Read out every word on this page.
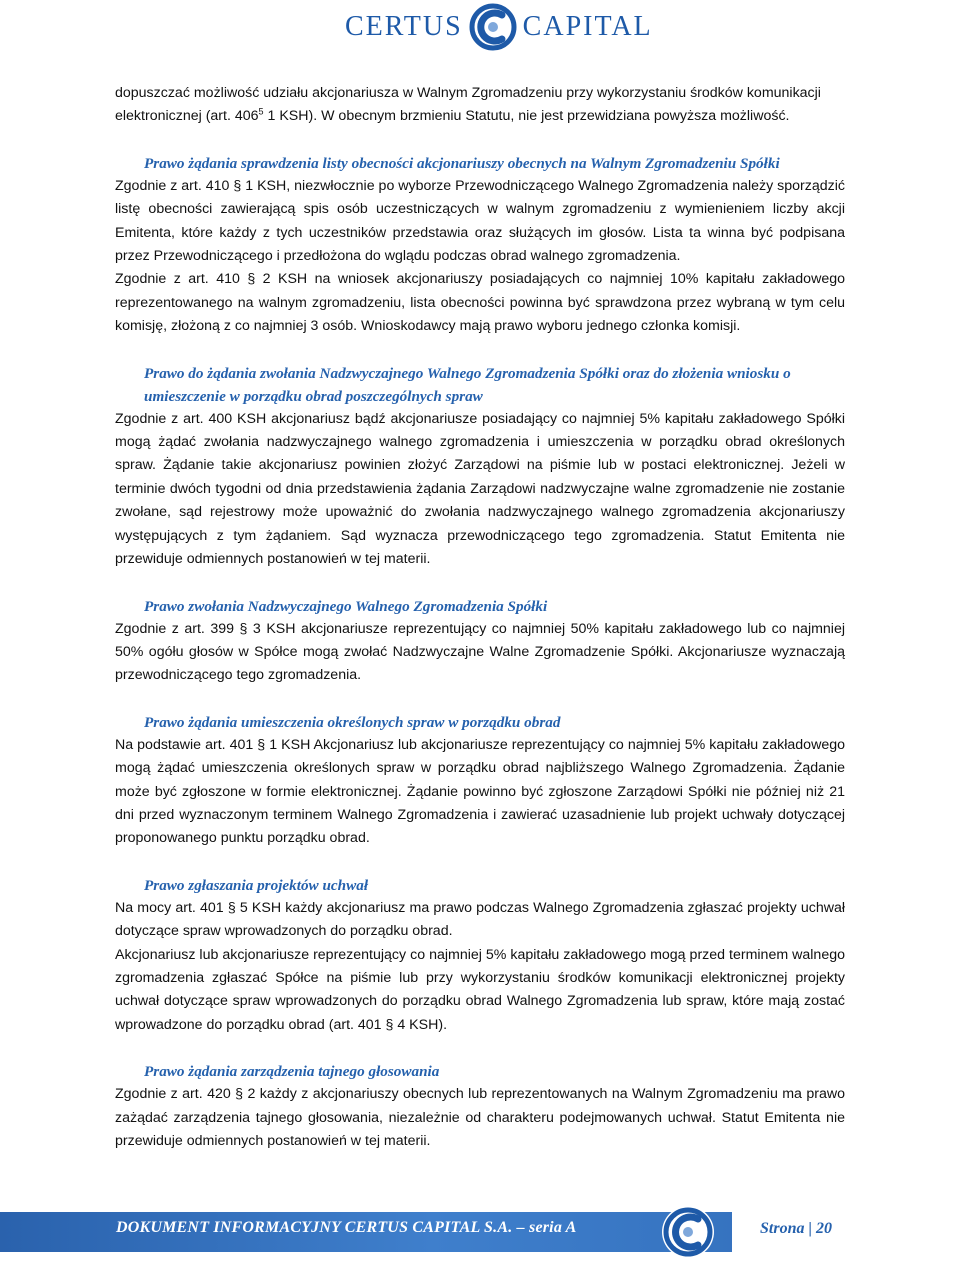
CERTUS CAPITAL

dopuszczać możliwość udziału akcjonariusza w Walnym Zgromadzeniu przy wykorzystaniu środków komunikacji
elektronicznej (art. $406^5$ 1 KSH). W obecnym brzmieniu Statutu, nie jest przewidziana powyższa możliwość.

Prawo żądania sprawdzenia listy obecności akcjonariuszy obecnych na Walnym Zgromadzeniu Spółki

Zgodnie z art. 410 § 1 KSH, niezwłocznie po wyborze Przewodniczącego Walnego Zgromadzenia należy sporządzić listę obecności zawierającą spis osób uczestniczących w walnym zgromadzeniu z wymienieniem liczby akcji Emitenta, które każdy z tych uczestników przedstawia oraz służących im głosów. Lista ta winna być podpisana przez Przewodniczącego i przedłożona do wglądu podczas obrad walnego zgromadzenia.

Zgodnie z art. 410 § 2 KSH na wniosek akcjonariuszy posiadających co najmniej 10% kapitału zakładowego reprezentowanego na walnym zgromadzeniu, lista obecności powinna być sprawdzona przez wybraną w tym celu komisję, złożoną z co najmniej 3 osób. Wnioskodawcy mają prawo wyboru jednego członka komisji.

Prawo do żądania zwołania Nadzwyczajnego Walnego Zgromadzenia Spółki oraz do złożenia wniosku o umieszczenie w porządku obrad poszczególnych spraw

Zgodnie z art. 400 KSH akcjonariusz bądź akcjonariusze posiadający co najmniej 5% kapitału zakładowego Spółki mogą żądać zwołania nadzwyczajnego walnego zgromadzenia i umieszczenia w porządku obrad określonych spraw. Żądanie takie akcjonariusz powinien złożyć Zarządowi na piśmie lub w postaci elektronicznej. Jeżeli w terminie dwóch tygodni od dnia przedstawienia żądania Zarządowi nadzwyczajne walne zgromadzenie nie zostanie zwołane, sąd rejestrowy może upoważnić do zwołania nadzwyczajnego walnego zgromadzenia akcjonariuszy występujących z tym żądaniem. Sąd wyznacza przewodniczącego tego zgromadzenia. Statut Emitenta nie przewiduje odmiennych postanowień w tej materii.

Prawo zwołania Nadzwyczajnego Walnego Zgromadzenia Spółki

Zgodnie z art. 399 § 3 KSH akcjonariusze reprezentujący co najmniej 50% kapitału zakładowego lub co najmniej 50% ogółu głosów w Spółce mogą zwołać Nadzwyczajne Walne Zgromadzenie Spółki. Akcjonariusze wyznaczają przewodniczącego tego zgromadzenia.

Prawo żądania umieszczenia określonych spraw w porządku obrad

Na podstawie art. 401 § 1 KSH Akcjonariusz lub akcjonariusze reprezentujący co najmniej 5% kapitału zakładowego mogą żądać umieszczenia określonych spraw w porządku obrad najbliższego Walnego Zgromadzenia. Żądanie może być zgłoszone w formie elektronicznej. Żądanie powinno być zgłoszone Zarządowi Spółki nie później niż 21 dni przed wyznaczonym terminem Walnego Zgromadzenia i zawierać uzasadnienie lub projekt uchwały dotyczącej proponowanego punktu porządku obrad.

Prawo zgłaszania projektów uchwał

Na mocy art. 401 § 5 KSH każdy akcjonariusz ma prawo podczas Walnego Zgromadzenia zgłaszać projekty uchwał dotyczące spraw wprowadzonych do porządku obrad.

Akcjonariusz lub akcjonariusze reprezentujący co najmniej 5% kapitału zakładowego mogą przed terminem walnego zgromadzenia zgłaszać Spółce na piśmie lub przy wykorzystaniu środków komunikacji elektronicznej projekty uchwał dotyczące spraw wprowadzonych do porządku obrad Walnego Zgromadzenia lub spraw, które mają zostać wprowadzone do porządku obrad (art. 401 § 4 KSH).

Prawo żądania zarządzenia tajnego głosowania

Zgodnie z art. 420 § 2 każdy z akcjonariuszy obecnych lub reprezentowanych na Walnym Zgromadzeniu ma prawo zażądać zarządzenia tajnego głosowania, niezależnie od charakteru podejmowanych uchwał. Statut Emitenta nie przewiduje odmiennych postanowień w tej materii.

DOKUMENT INFORMACYJNY CERTUS CAPITAL S.A. – seria A	Strona | 20
